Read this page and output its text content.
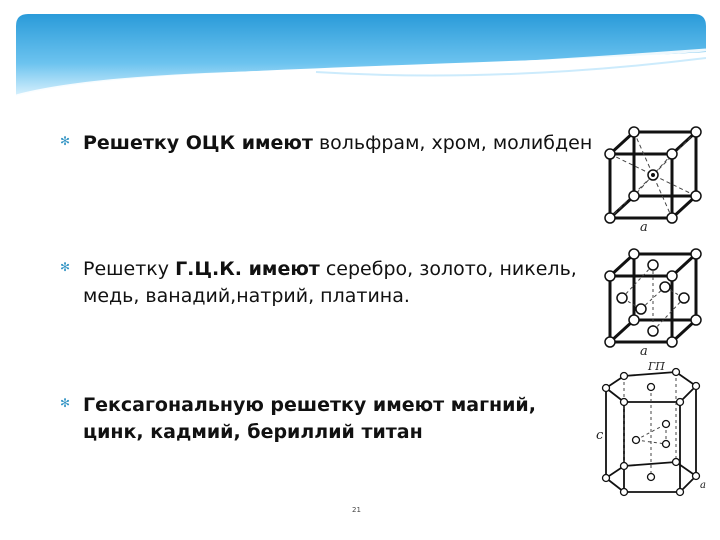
✻ Решетку ОЦК имеют вольфрам, хром, молибден
✻ Решетку Г.Ц.К. имеют серебро, золото, никель, медь, ванадий,натрий, платина.
✻ Гексагональную решетку имеют магний, цинк, кадмий, бериллий титан
a
a
ГП
c
a
21
